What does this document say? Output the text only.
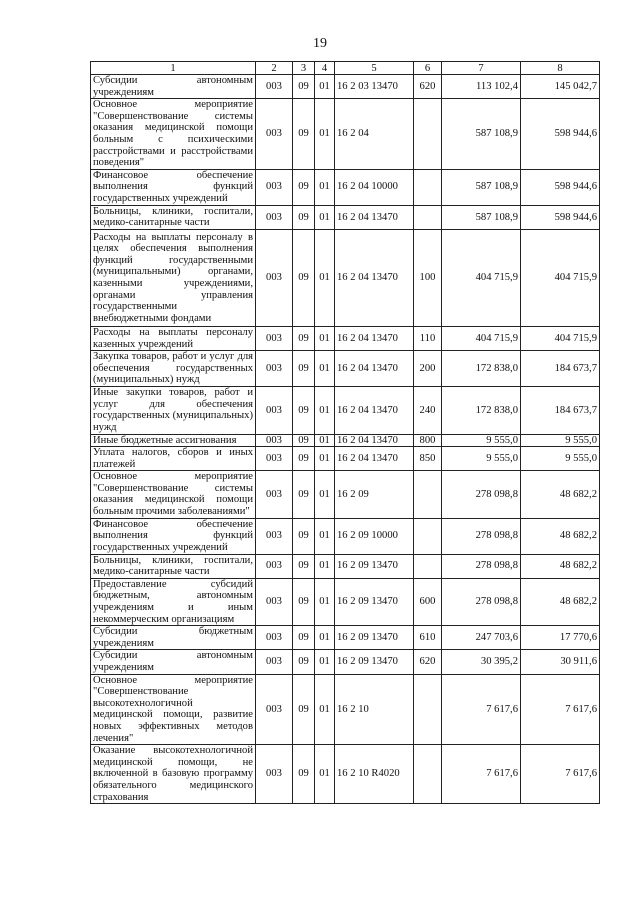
19
1	2	3	4	5	6	7	8
Субсидии автономным учреждениям	003	09	01	16 2 03 13470	620	113 102,4	145 042,7
Основное мероприятие "Совершенствование системы оказания медицинской помощи больным с психическими расстройствами и расстройствами поведения"	003	09	01	16 2 04		587 108,9	598 944,6
Финансовое обеспечение выполнения функций государственных учреждений	003	09	01	16 2 04 10000		587 108,9	598 944,6
Больницы, клиники, госпитали, медико-санитарные части	003	09	01	16 2 04 13470		587 108,9	598 944,6
Расходы на выплаты персоналу в целях обеспечения выполнения функций государственными (муниципальными) органами, казенными учреждениями, органами управления государственными внебюджетными фондами	003	09	01	16 2 04 13470	100	404 715,9	404 715,9
Расходы на выплаты персоналу казенных учреждений	003	09	01	16 2 04 13470	110	404 715,9	404 715,9
Закупка товаров, работ и услуг для обеспечения государственных (муниципальных) нужд	003	09	01	16 2 04 13470	200	172 838,0	184 673,7
Иные закупки товаров, работ и услуг для обеспечения государственных (муниципальных) нужд	003	09	01	16 2 04 13470	240	172 838,0	184 673,7
Иные бюджетные ассигнования	003	09	01	16 2 04 13470	800	9 555,0	9 555,0
Уплата налогов, сборов и иных платежей	003	09	01	16 2 04 13470	850	9 555,0	9 555,0
Основное мероприятие "Совершенствование системы оказания медицинской помощи больным прочими заболеваниями"	003	09	01	16 2 09		278 098,8	48 682,2
Финансовое обеспечение выполнения функций государственных учреждений	003	09	01	16 2 09 10000		278 098,8	48 682,2
Больницы, клиники, госпитали, медико-санитарные части	003	09	01	16 2 09 13470		278 098,8	48 682,2
Предоставление субсидий бюджетным, автономным учреждениям и иным некоммерческим организациям	003	09	01	16 2 09 13470	600	278 098,8	48 682,2
Субсидии бюджетным учреждениям	003	09	01	16 2 09 13470	610	247 703,6	17 770,6
Субсидии автономным учреждениям	003	09	01	16 2 09 13470	620	30 395,2	30 911,6
Основное мероприятие "Совершенствование высокотехнологичной медицинской помощи, развитие новых эффективных методов лечения"	003	09	01	16 2 10		7 617,6	7 617,6
Оказание высокотехнологичной медицинской помощи, не включенной в базовую программу обязательного медицинского страхования	003	09	01	16 2 10 R4020		7 617,6	7 617,6
